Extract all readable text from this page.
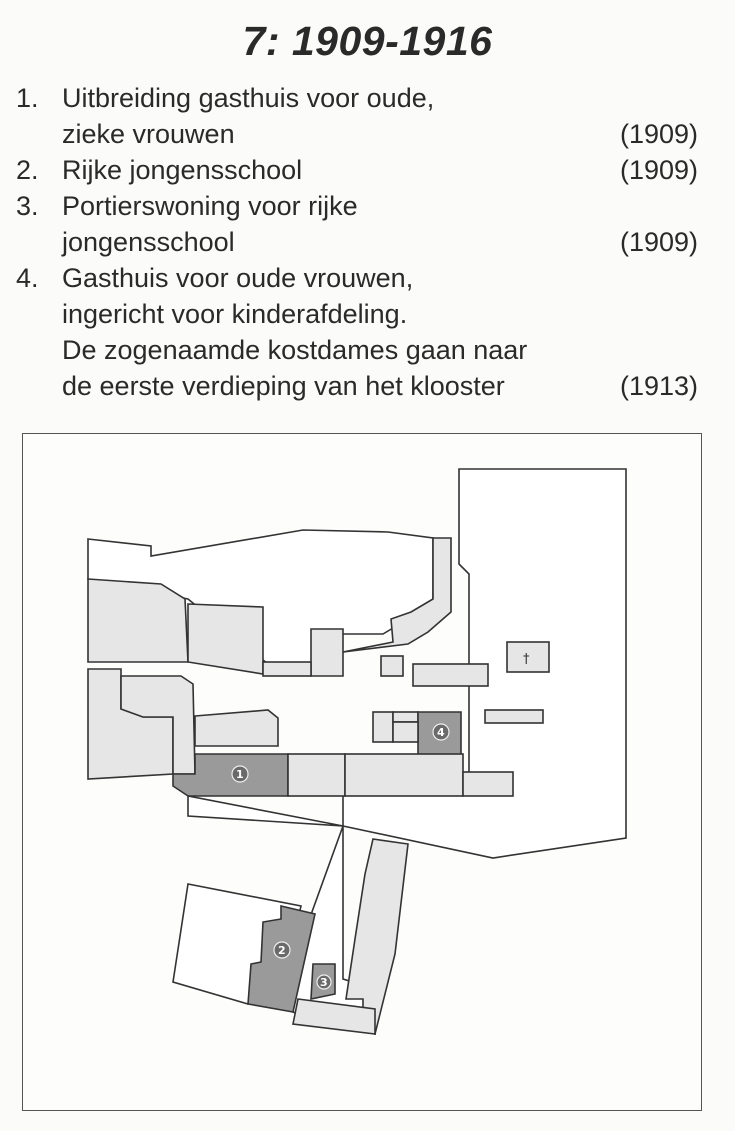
7: 1909-1916
1. Uitbreiding gasthuis voor oude,
zieke vrouwen	(1909)
2. Rijke jongensschool	(1909)
3. Portierswoning voor rijke
jongensschool	(1909)
4. Gasthuis voor oude vrouwen,
ingericht voor kinderafdeling.
De zogenaamde kostdames gaan naar
de eerste verdieping van het klooster	(1913)
†
1
2
3
4
